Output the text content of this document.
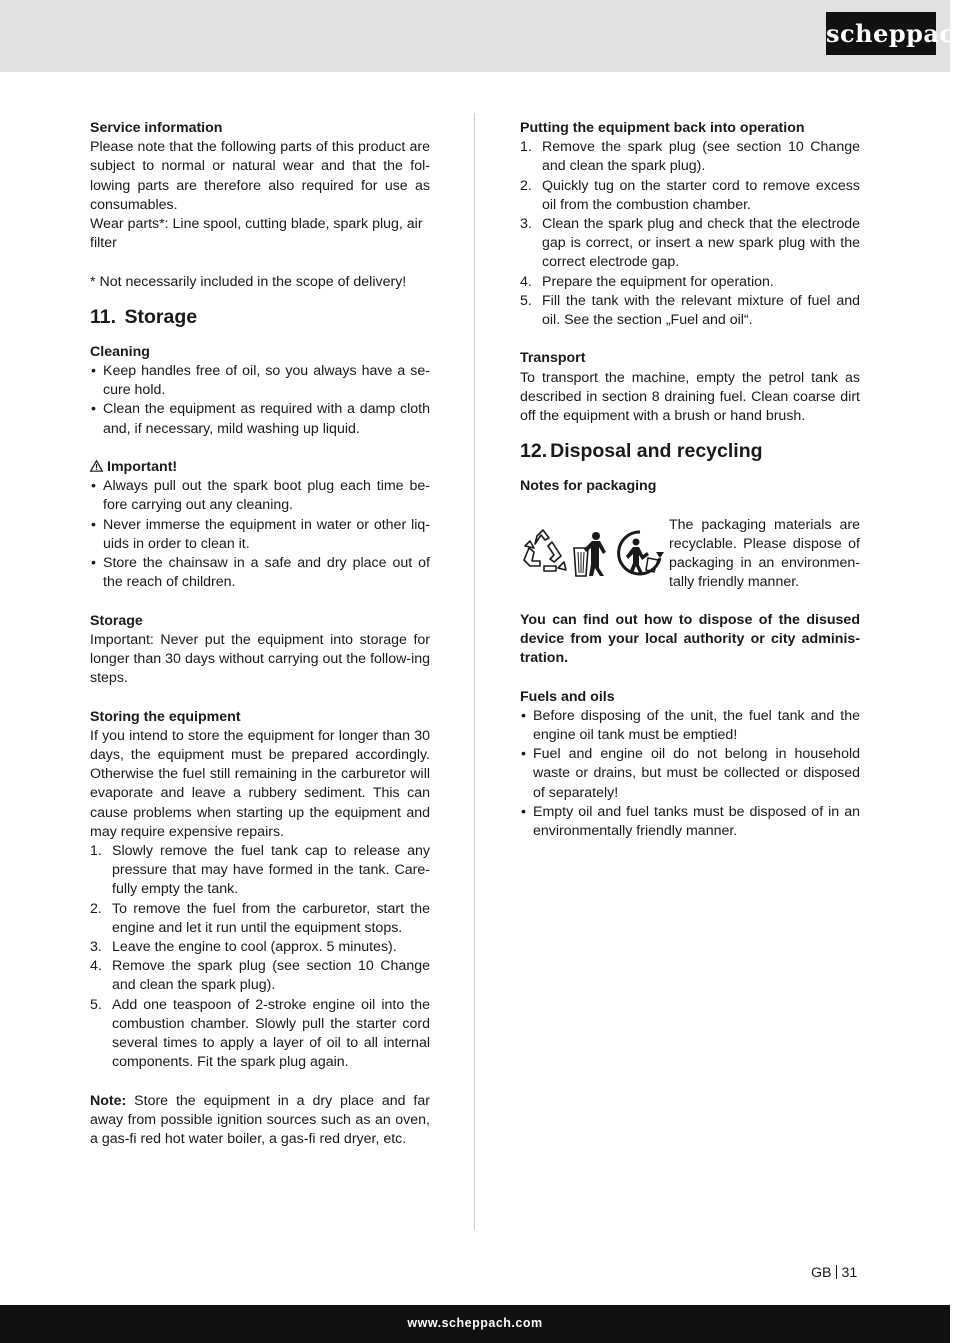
scheppach

Service information

Please note that the following parts of this product are subject to normal or natural wear and that the fol-lowing parts are therefore also required for use as consumables.

Wear parts*: Line spool, cutting blade, spark plug, air filter

* Not necessarily included in the scope of delivery!

11. Storage

Cleaning

• Keep handles free of oil, so you always have a se-cure hold.
• Clean the equipment as required with a damp cloth and, if necessary, mild washing up liquid.

Important!

• Always pull out the spark boot plug each time be-fore carrying out any cleaning.
• Never immerse the equipment in water or other liq-uids in order to clean it.
• Store the chainsaw in a safe and dry place out of the reach of children.

Storage

Important: Never put the equipment into storage for longer than 30 days without carrying out the follow-ing steps.

Storing the equipment

If you intend to store the equipment for longer than 30 days, the equipment must be prepared accordingly. Otherwise the fuel still remaining in the carburetor will evaporate and leave a rubbery sediment. This can cause problems when starting up the equipment and may require expensive repairs.

1. Slowly remove the fuel tank cap to release any pressure that may have formed in the tank. Care-fully empty the tank.
2. To remove the fuel from the carburetor, start the engine and let it run until the equipment stops.
3. Leave the engine to cool (approx. 5 minutes).
4. Remove the spark plug (see section 10 Change and clean the spark plug).
5. Add one teaspoon of 2-stroke engine oil into the combustion chamber. Slowly pull the starter cord several times to apply a layer of oil to all internal components. Fit the spark plug again.

Note: Store the equipment in a dry place and far away from possible ignition sources such as an oven, a gas-fi red hot water boiler, a gas-fi red dryer, etc.

Putting the equipment back into operation

1. Remove the spark plug (see section 10 Change and clean the spark plug).
2. Quickly tug on the starter cord to remove excess oil from the combustion chamber.
3. Clean the spark plug and check that the electrode gap is correct, or insert a new spark plug with the correct electrode gap.
4. Prepare the equipment for operation.
5. Fill the tank with the relevant mixture of fuel and oil. See the section „Fuel and oil“.

Transport

To transport the machine, empty the petrol tank as described in section 8 draining fuel. Clean coarse dirt off the equipment with a brush or hand brush.

12. Disposal and recycling

Notes for packaging

The packaging materials are recyclable. Please dispose of packaging in an environmen-tally friendly manner.

You can find out how to dispose of the disused device from your local authority or city adminis-tration.

Fuels and oils

• Before disposing of the unit, the fuel tank and the engine oil tank must be emptied!
• Fuel and engine oil do not belong in household waste or drains, but must be collected or disposed of separately!
• Empty oil and fuel tanks must be disposed of in an environmentally friendly manner.
GB 31
www.scheppach.com
